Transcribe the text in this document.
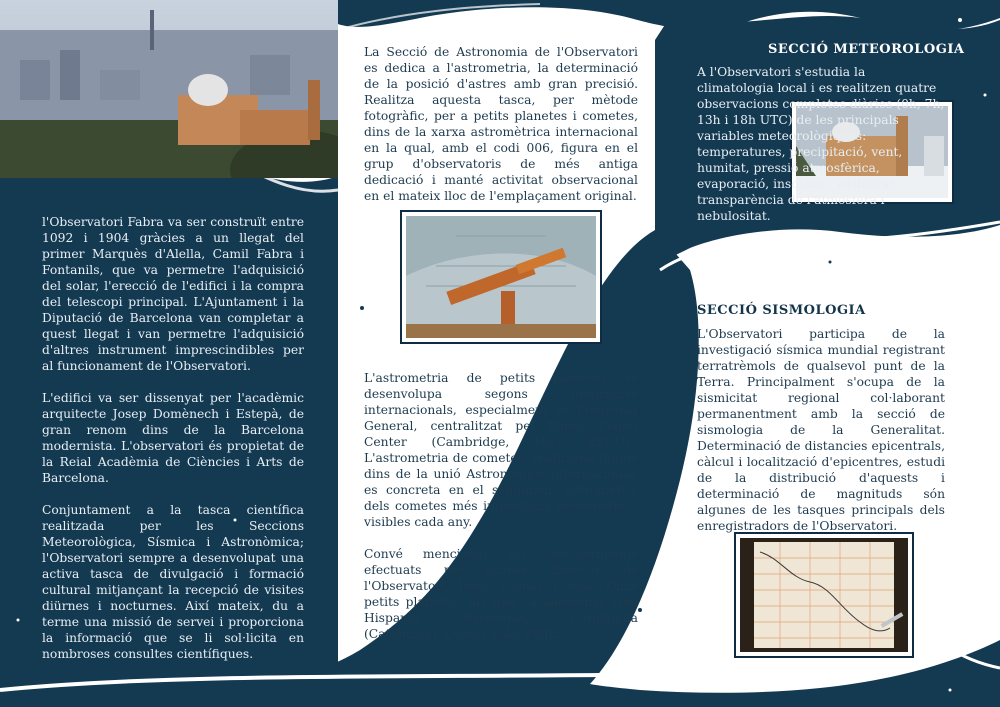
l'Observatori Fabra va ser construït entre 1092 i 1904 gràcies a un llegat del primer Marquès d'Alella, Camil Fabra i Fontanils, que va permetre l'adquisició del solar, l'erecció de l'edifici i la compra del telescopi principal. L'Ajuntament i la Diputació de Barcelona van completar a quest llegat i van permetre l'adquisició d'altres instrument imprescindibles per al funcionament de l'Observatori.

L'edifici va ser dissenyat per l'acadèmic arquitecte Josep Domènech i Estepà, de gran renom dins de la Barcelona modernista. L'observatori és propietat de la Reial Acadèmia de Ciències i Arts de Barcelona.

Conjuntament a la tasca científica realitzada per les Seccions Meteorològica, Sísmica i Astronòmica; l'Observatori sempre a desenvolupat una activa tasca de divulgació i formació cultural mitjançant la recepció de visites diürnes i nocturnes. Així mateix, du a terme una missió de servei i proporciona la informació que se li sol·licita en nombroses consultes científiques.

La Secció de Astronomia de l'Observatori es dedica a l'astrometria, la determinació de la posició d'astres amb gran precisió. Realitza aquesta tasca, per mètode fotogràfic, per a petits planetes i cometes, dins de la xarxa astromètrica internacional en la qual, amb el codi 006, figura en el grup d'observatoris de més antiga dedicació i manté activitat observacional en el mateix lloc de l'emplaçament original.

L'astrometria de petits planetes es desenvolupa segons programes internacionals, especialment el Programa General, centralitzat pel Minor Planet Center (Cambridge, Ma., EEUU).. L'astrometria de cometes, realitzada també dins de la unió Astronòmica Internacional, es concreta en el seguiment astromètric dels cometes més importants descoberts o visibles cada any.

Convé mencionar els descobriments efectuats pel primer director de l'Observatori, Josep Comas i Solà: Onze petits planetes, als que va anomenar com Hispania, Barcelona, Gothlandia (Catalunya), Comas Solà, Pòlit...

SECCIÓ METEOROLOGIA

A l'Observatori s'estudia la climatologia local i es realitzen quatre observacions completes diàries (0h, 7h, 13h i 18h UTC) de les principals variables meteorològiques: temperatures, precipitació, vent, humitat, pressió atmosfèrica, evaporació, insolació, visibilitat, transparència de l'atmosfera i nebulositat.

SECCIÓ SISMOLOGIA

L'Observatori participa de la investigació sísmica mundial registrant terratrèmols de qualsevol punt de la Terra. Principalment s'ocupa de la sismicitat regional col·laborant permanentment amb la secció de sismologia de la Generalitat. Determinació de distancies epicentrals, càlcul i localització d'epicentres, estudi de la distribució d'aquests i determinació de magnituds són algunes de les tasques principals dels enregistradors de l'Observatori.
